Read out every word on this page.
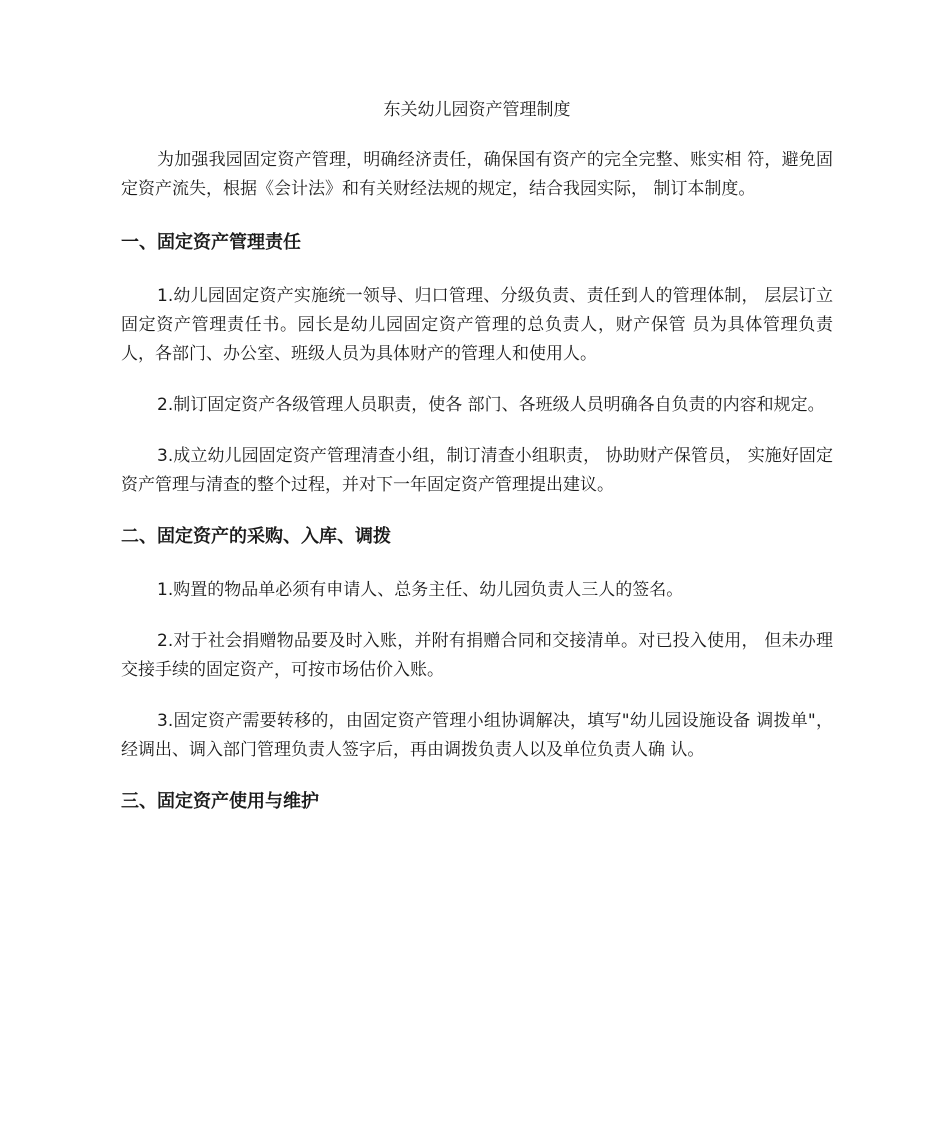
东关幼儿园资产管理制度

为加强我园固定资产管理，明确经济责任，确保国有资产的完全完整、账实相 符，避免固定资产流失，根据《会计法》和有关财经法规的规定，结合我园实际， 制订本制度。

一、固定资产管理责任

1.幼儿园固定资产实施统一领导、归口管理、分级负责、责任到人的管理体制， 层层订立固定资产管理责任书。园长是幼儿园固定资产管理的总负责人，财产保管 员为具体管理负责人，各部门、办公室、班级人员为具体财产的管理人和使用人。

2.制订固定资产各级管理人员职责，使各 部门、各班级人员明确各自负责的内容和规定。

3.成立幼儿园固定资产管理清查小组，制订清查小组职责， 协助财产保管员， 实施好固定资产管理与清查的整个过程，并对下一年固定资产管理提出建议。

二、固定资产的采购、入库、调拨

1.购置的物品单必须有申请人、总务主任、幼儿园负责人三人的签名。

2.对于社会捐赠物品要及时入账，并附有捐赠合同和交接清单。对已投入使用， 但未办理交接手续的固定资产，可按市场估价入账。

3.固定资产需要转移的，由固定资产管理小组协调解决，填写"幼儿园设施设备 调拨单"，经调出、调入部门管理负责人签字后，再由调拨负责人以及单位负责人确 认。

三、固定资产使用与维护
